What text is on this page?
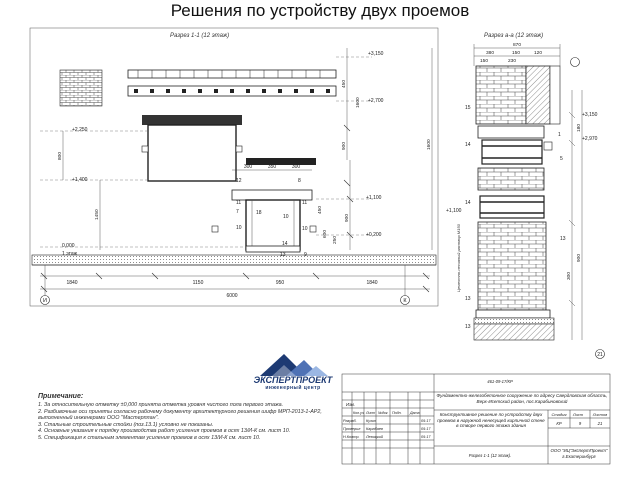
Решения по устройству двух проемов
Разрез 1-1 (12 этаж)
И	К
+3,150
+2,700
+2,250
+1,400
+1,100
+0,200
0,000
1 этаж
450
900	1600
1600
900
600
450
250
800
1450
1840	1150	950	1840
6000
300	350	300
12
11
7
10
11
10
14
10
13	9
18
8
Разрез а-а (12 этаж)
870
380	150	120
150	230
180
900
300
+3,150
+2,970
+1,100
15
14
1
14
5
13
13
13
Цементно-песчаный раствор М150
21
461-09-17/КР
Лист
Стадия	Листов
КР	9	21
Разрез 1-1 (12 этаж).
Изм.
Кол.уч Лист №док Подп. Дата
Разраб. Кузин	09.17
Проверил Карабаев	09.17
Н.Контр. Левицкий	09.17
Фундаментно-железобетонное сооружение по адресу Свердловская область, Верх-Исетский район, пос.Карабиновский
Конструктивное решение по устройству двух проемов в наружной ненесущей кирпичной стене в створе первого этажа здания
ООО "ИЦ"ЭкспертПроект" г.Екатеринбург
ЭКСПЕРТПРОЕКТ
инженерный центр
Примечание:
1. За относительную отметку ±0,000 принята отметка уровня чистого пола первого этажа.
2. Разбивочные оси приняты согласно рабочему документу архитектурного решения шифр МРП-2013-1-АР2,
выполненный инженерами ООО "Мастерплан".
3. Стальные строительные стойки (поз.13.1) условно не показаны.
4. Основные указания к порядку производства работ усиления проемов в осях 13/И-К см. лист 10.
5. Спецификация к стальным элементам усиления проемов в осях 13/И-К см. лист 10.
